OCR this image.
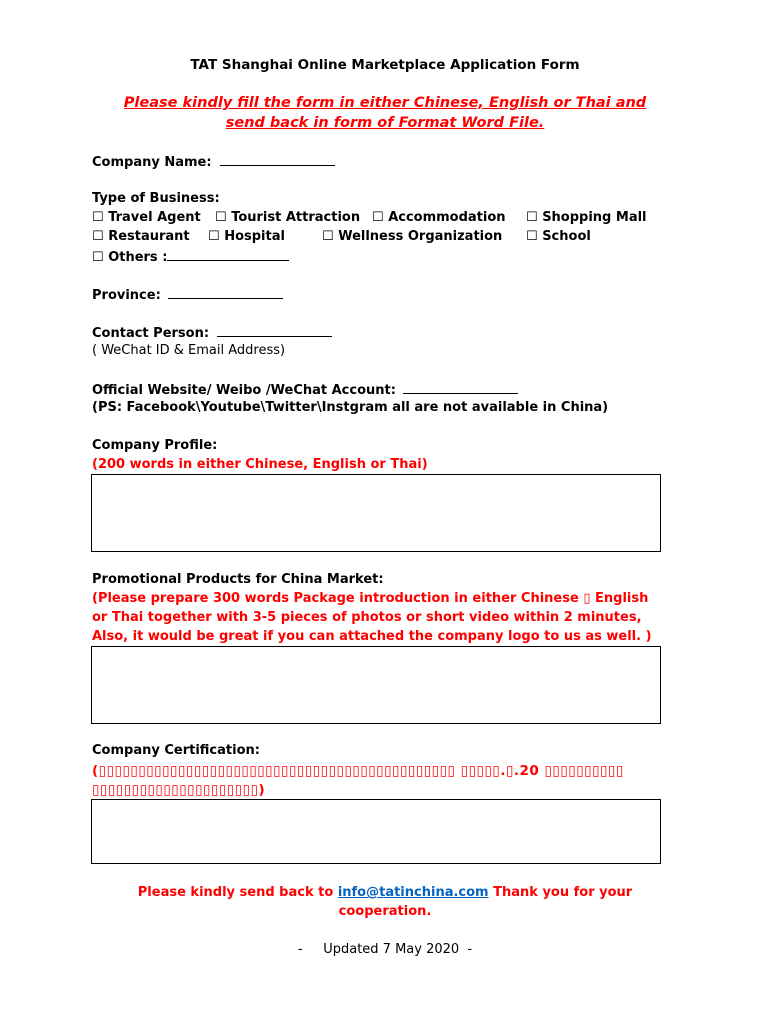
TAT Shanghai Online Marketplace Application Form
Please kindly fill the form in either Chinese, English or Thai and
send back in form of Format Word File.
Company Name:
Type of Business:
☐ Travel Agent ☐ Tourist Attraction ☐ Accommodation ☐ Shopping Mall
☐ Restaurant ☐ Hospital	☐ Wellness Organization ☐ School
☐ Others :
Province:
Contact Person:
( WeChat ID & Email Address)
Official Website/ Weibo /WeChat Account:
(PS: Facebook\Youtube\Twitter\Instgram all are not available in China)
Company Profile:
(200 words in either Chinese, English or Thai)
Promotional Products for China Market:
(Please prepare 300 words Package introduction in either Chinese ▯ English
or Thai together with 3-5 pieces of photos or short video within 2 minutes,
Also, it would be great if you can attached the company logo to us as well. )
Company Certification:
(▯▯▯▯▯▯▯▯▯▯▯▯▯▯▯▯▯▯▯▯▯▯▯▯▯▯▯▯▯▯▯▯▯▯▯▯▯▯▯▯▯▯▯▯▯ ▯▯▯▯▯.▯.20 ▯▯▯▯▯▯▯▯▯▯
▯▯▯▯▯▯▯▯▯▯▯▯▯▯▯▯▯▯▯▯▯)
Please kindly send back to info@tatinchina.com Thank you for your
cooperation.
-     Updated 7 May 2020  -
